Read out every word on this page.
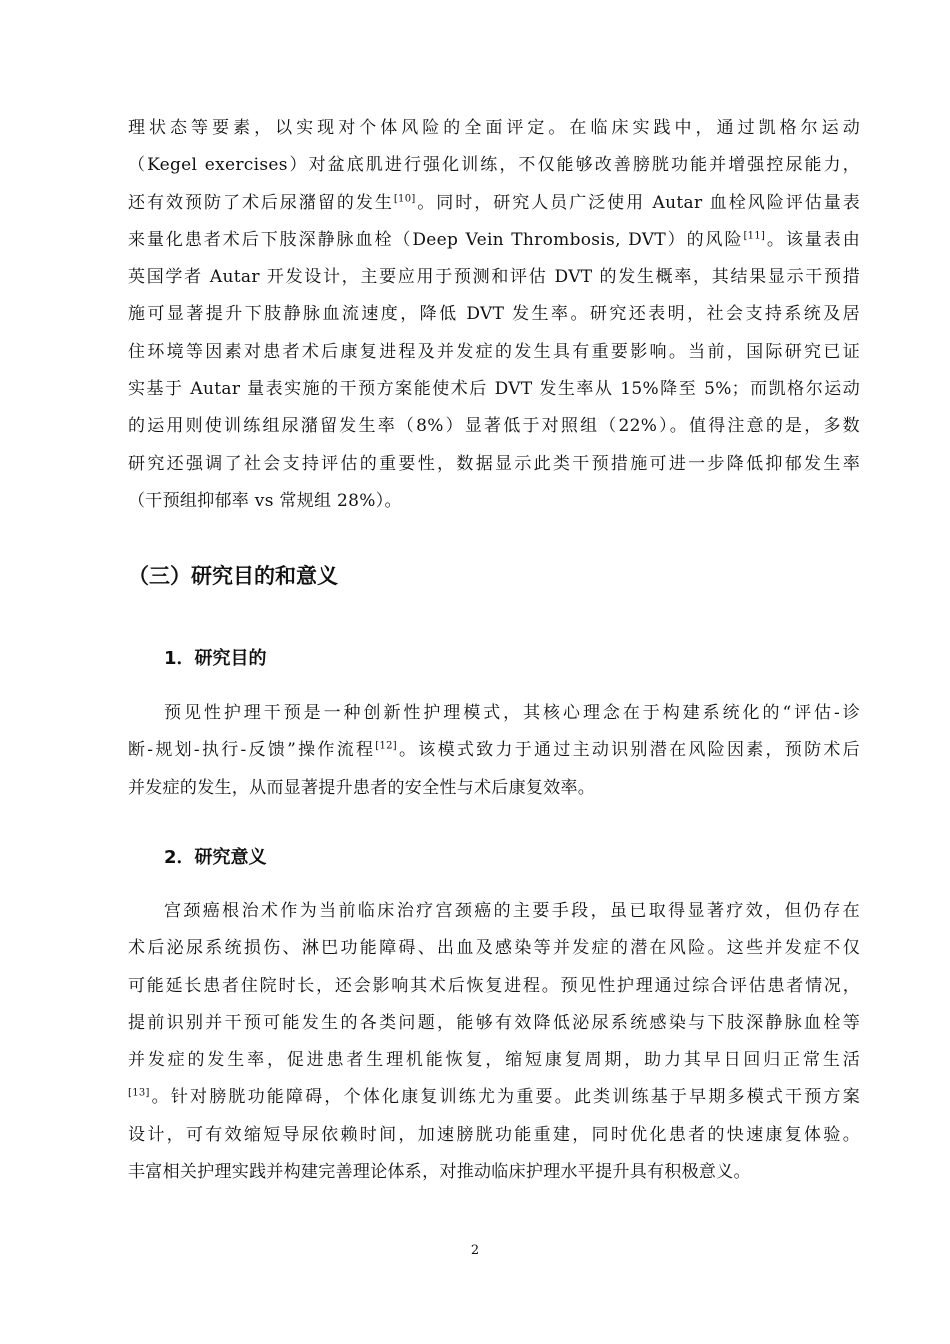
理状态等要素，以实现对个体风险的全面评定。在临床实践中，通过凯格尔运动
（Kegel exercises）对盆底肌进行强化训练，不仅能够改善膀胱功能并增强控尿能力，
还有效预防了术后尿潴留的发生[10]。同时，研究人员广泛使用 Autar 血栓风险评估量表
来量化患者术后下肢深静脉血栓（Deep Vein Thrombosis, DVT）的风险[11]。该量表由
英国学者 Autar 开发设计，主要应用于预测和评估 DVT 的发生概率，其结果显示干预措
施可显著提升下肢静脉血流速度，降低 DVT 发生率。研究还表明，社会支持系统及居
住环境等因素对患者术后康复进程及并发症的发生具有重要影响。当前，国际研究已证
实基于 Autar 量表实施的干预方案能使术后 DVT 发生率从 15%降至 5%；而凯格尔运动
的运用则使训练组尿潴留发生率（8%）显著低于对照组（22%）。值得注意的是，多数
研究还强调了社会支持评估的重要性，数据显示此类干预措施可进一步降低抑郁发生率
（干预组抑郁率 vs 常规组 28%）。
（三）研究目的和意义
1．研究目的
预见性护理干预是一种创新性护理模式，其核心理念在于构建系统化的“评估-诊
断-规划-执行-反馈”操作流程[12]。该模式致力于通过主动识别潜在风险因素，预防术后
并发症的发生，从而显著提升患者的安全性与术后康复效率。
2．研究意义
宫颈癌根治术作为当前临床治疗宫颈癌的主要手段，虽已取得显著疗效，但仍存在
术后泌尿系统损伤、淋巴功能障碍、出血及感染等并发症的潜在风险。这些并发症不仅
可能延长患者住院时长，还会影响其术后恢复进程。预见性护理通过综合评估患者情况，
提前识别并干预可能发生的各类问题，能够有效降低泌尿系统感染与下肢深静脉血栓等
并发症的发生率，促进患者生理机能恢复，缩短康复周期，助力其早日回归正常生活
[13]。针对膀胱功能障碍，个体化康复训练尤为重要。此类训练基于早期多模式干预方案
设计，可有效缩短导尿依赖时间，加速膀胱功能重建，同时优化患者的快速康复体验。
丰富相关护理实践并构建完善理论体系，对推动临床护理水平提升具有积极意义。
2
